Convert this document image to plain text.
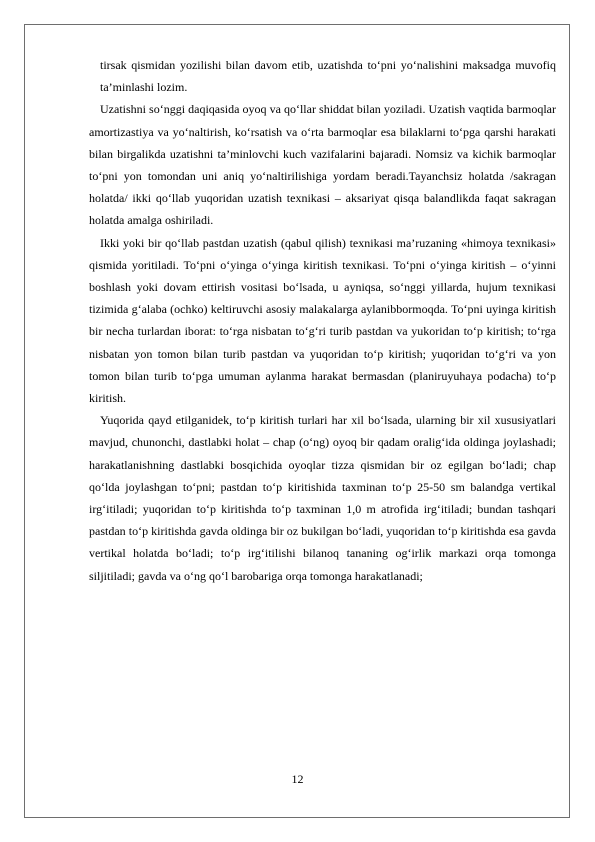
tirsak qismidan yozilishi bilan davom etib, uzatishda to‘pni yo‘nalishini maksadga muvofiq ta’minlashi lozim.

Uzatishni so‘nggi daqiqasida oyoq va qo‘llar shiddat bilan yoziladi. Uzatish vaqtida barmoqlar amortizastiya va yo‘naltirish, ko‘rsatish va o‘rta barmoqlar esa bilaklarni to‘pga qarshi harakati bilan birgalikda uzatishni ta’minlovchi kuch vazifalarini bajaradi. Nomsiz va kichik barmoqlar to‘pni yon tomondan uni aniq yo‘naltirilishiga yordam beradi.Tayanchsiz holatda /sakragan holatda/ ikki qo‘llab yuqoridan uzatish texnikasi – aksariyat qisqa balandlikda faqat sakragan holatda amalga oshiriladi.

Ikki yoki bir qo‘llab pastdan uzatish (qabul qilish) texnikasi ma’ruzaning «himoya texnikasi» qismida yoritiladi. To‘pni o‘yinga o‘yinga kiritish texnikasi. To‘pni o‘yinga kiritish – o‘yinni boshlash yoki dovam ettirish vositasi bo‘lsada, u ayniqsa, so‘nggi yillarda, hujum texnikasi tizimida g‘alaba (ochko) keltiruvchi asosiy malakalarga aylanibbormoqda. To‘pni uyinga kiritish bir necha turlardan iborat: to‘rga nisbatan to‘g‘ri turib pastdan va yukoridan to‘p kiritish; to‘rga nisbatan yon tomon bilan turib pastdan va yuqoridan to‘p kiritish; yuqoridan to‘g‘ri va yon tomon bilan turib to‘pga umuman aylanma harakat bermasdan (planiruyuhaya podacha) to‘p kiritish.

Yuqorida qayd etilganidek, to‘p kiritish turlari har xil bo‘lsada, ularning bir xil xususiyatlari mavjud, chunonchi, dastlabki holat – chap (o‘ng) oyoq bir qadam oralig‘ida oldinga joylashadi; harakatlanishning dastlabki bosqichida oyoqlar tizza qismidan bir oz egilgan bo‘ladi; chap qo‘lda joylashgan to‘pni; pastdan to‘p kiritishida taxminan to‘p 25-50 sm balandga vertikal irg‘itiladi; yuqoridan to‘p kiritishda to‘p taxminan 1,0 m atrofida irg‘itiladi; bundan tashqari pastdan to‘p kiritishda gavda oldinga bir oz bukilgan bo‘ladi, yuqoridan to‘p kiritishda esa gavda vertikal holatda bo‘ladi; to‘p irg‘itilishi bilanoq tananing og‘irlik markazi orqa tomonga siljitiladi; gavda va o‘ng qo‘l barobariga orqa tomonga harakatlanadi;

12
